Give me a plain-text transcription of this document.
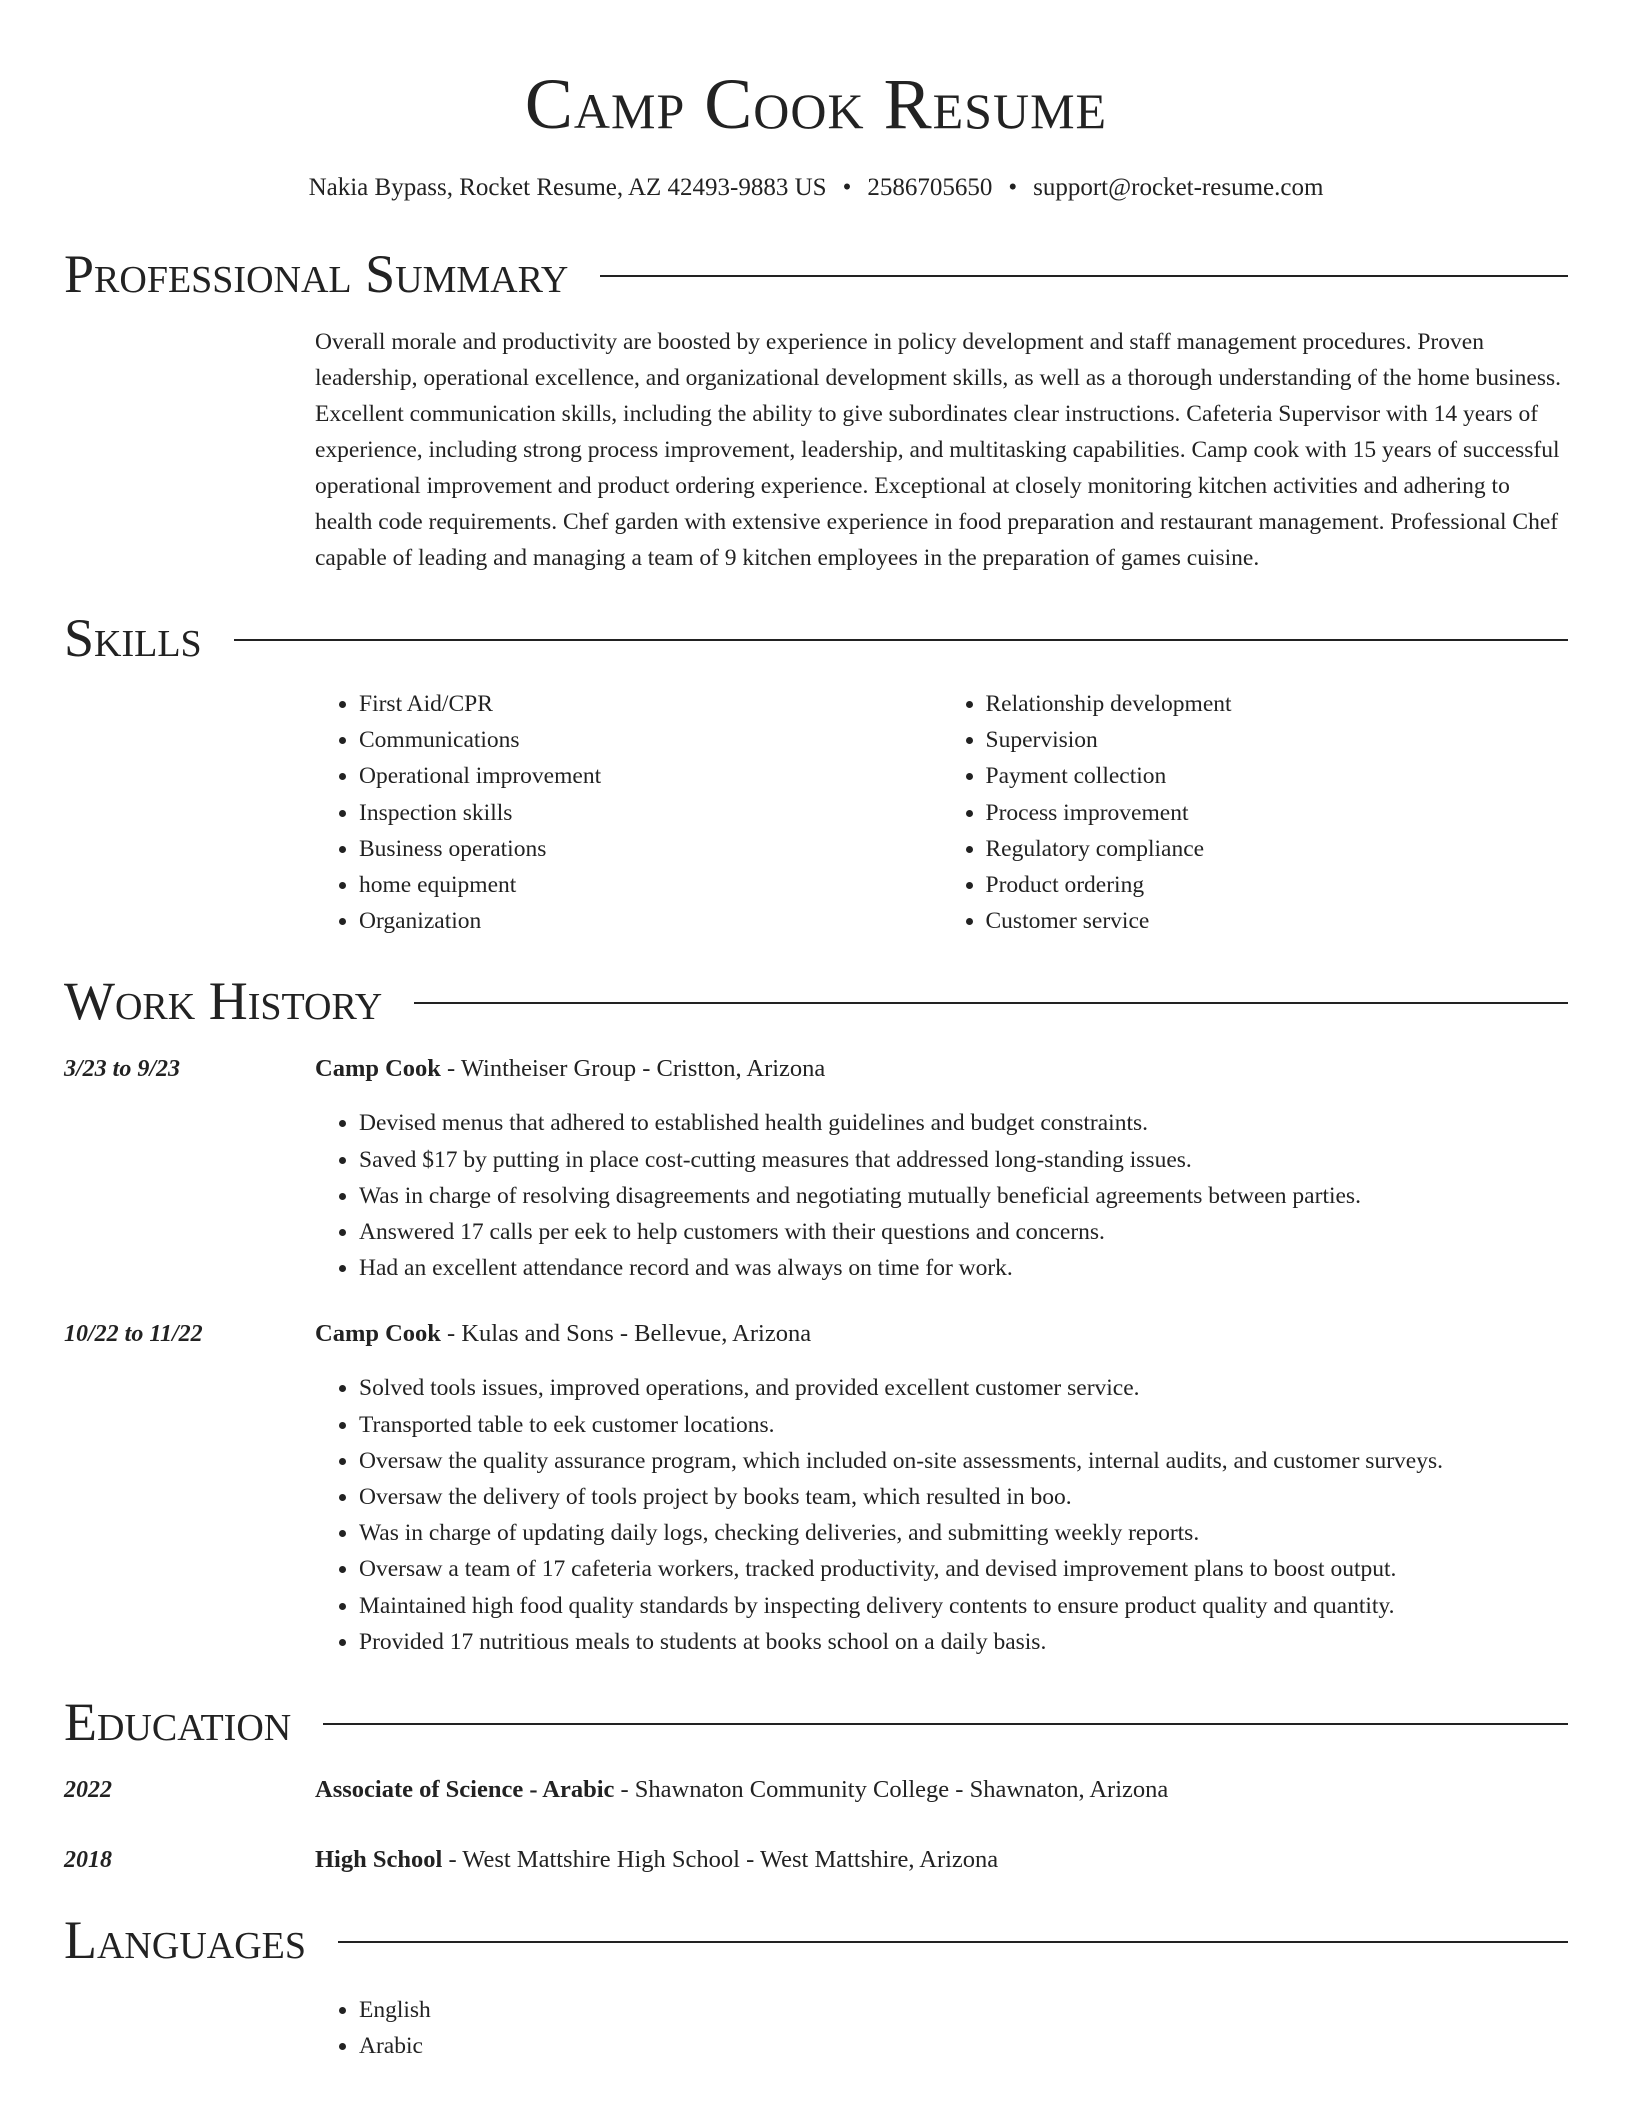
Camp Cook Resume
Nakia Bypass, Rocket Resume, AZ 42493-9883 US • 2586705650 • support@rocket-resume.com
Professional Summary
Overall morale and productivity are boosted by experience in policy development and staff management procedures. Proven leadership, operational excellence, and organizational development skills, as well as a thorough understanding of the home business. Excellent communication skills, including the ability to give subordinates clear instructions. Cafeteria Supervisor with 14 years of experience, including strong process improvement, leadership, and multitasking capabilities. Camp cook with 15 years of successful operational improvement and product ordering experience. Exceptional at closely monitoring kitchen activities and adhering to health code requirements. Chef garden with extensive experience in food preparation and restaurant management. Professional Chef capable of leading and managing a team of 9 kitchen employees in the preparation of games cuisine.
Skills
• First Aid/CPR
• Communications
• Operational improvement
• Inspection skills
• Business operations
• home equipment
• Organization
• Relationship development
• Supervision
• Payment collection
• Process improvement
• Regulatory compliance
• Product ordering
• Customer service
Work History
3/23 to 9/23	Camp Cook - Wintheiser Group - Cristton, Arizona
• Devised menus that adhered to established health guidelines and budget constraints.
• Saved $17 by putting in place cost-cutting measures that addressed long-standing issues.
• Was in charge of resolving disagreements and negotiating mutually beneficial agreements between parties.
• Answered 17 calls per eek to help customers with their questions and concerns.
• Had an excellent attendance record and was always on time for work.
10/22 to 11/22	Camp Cook - Kulas and Sons - Bellevue, Arizona
• Solved tools issues, improved operations, and provided excellent customer service.
• Transported table to eek customer locations.
• Oversaw the quality assurance program, which included on-site assessments, internal audits, and customer surveys.
• Oversaw the delivery of tools project by books team, which resulted in boo.
• Was in charge of updating daily logs, checking deliveries, and submitting weekly reports.
• Oversaw a team of 17 cafeteria workers, tracked productivity, and devised improvement plans to boost output.
• Maintained high food quality standards by inspecting delivery contents to ensure product quality and quantity.
• Provided 17 nutritious meals to students at books school on a daily basis.
Education
2022	Associate of Science - Arabic - Shawnaton Community College - Shawnaton, Arizona
2018	High School - West Mattshire High School - West Mattshire, Arizona
Languages
• English
• Arabic
